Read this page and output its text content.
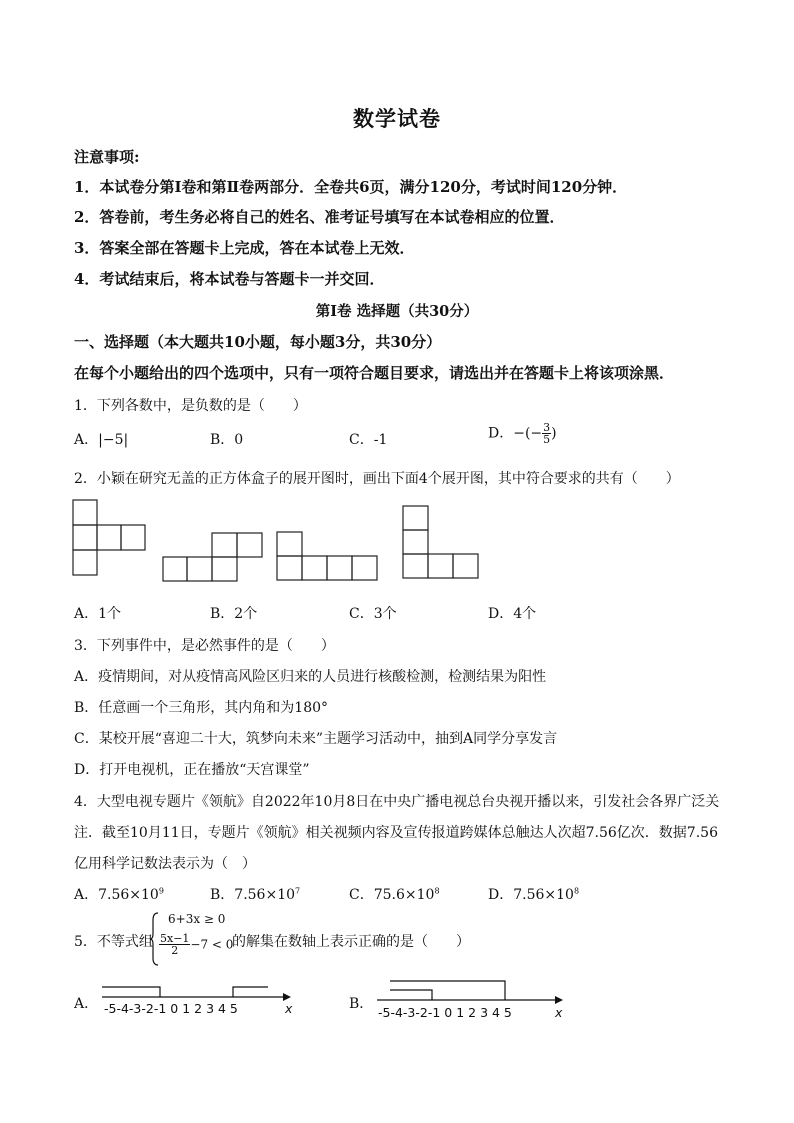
数学试卷
注意事项:
1．本试卷分第Ⅰ卷和第Ⅱ卷两部分．全卷共6页，满分120分，考试时间120分钟．
2．答卷前，考生务必将自己的姓名、准考证号填写在本试卷相应的位置．
3．答案全部在答题卡上完成，答在本试卷上无效．
4．考试结束后，将本试卷与答题卡一并交回．
第Ⅰ卷 选择题（共30分）
一、选择题（本大题共10小题，每小题3分，共30分）
在每个小题给出的四个选项中，只有一项符合题目要求，请选出并在答题卡上将该项涂黑．
1．下列各数中，是负数的是（　　）
A．|−5|	B．0	C．-1	D．−(− $\frac{3}{5}$ )
2．小颖在研究无盖的正方体盒子的展开图时，画出下面4个展开图，其中符合要求的共有（　　）
A．1个	B．2个	C．3个	D．4个
3．下列事件中，是必然事件的是（　　）
A．疫情期间，对从疫情高风险区归来的人员进行核酸检测，检测结果为阳性
B．任意画一个三角形，其内角和为180°
C．某校开展“喜迎二十大，筑梦向未来”主题学习活动中，抽到A同学分享发言
D．打开电视机，正在播放“天宫课堂”
4．大型电视专题片《领航》自2022年10月8日在中央广播电视总台央视开播以来，引发社会各界广泛关
注．截至10月11日，专题片《领航》相关视频内容及宣传报道跨媒体总触达人次超7.56亿次．数据7.56
亿用科学记数法表示为（　）
A．$7.56\times 10^9$	B．$7.56\times 10^7$	C．$75.6\times 10^8$	D．$7.56\times 10^8$
5．不等式组
6+3x ≥ 0
$\frac{5x-1}{2} -7 < 0$
的解集在数轴上表示正确的是（　　）
A． -5-4-3-2-1 0 1 2 3 4 5	x	B．
-5-4-3-2-1 0 1 2 3 4 5	x
